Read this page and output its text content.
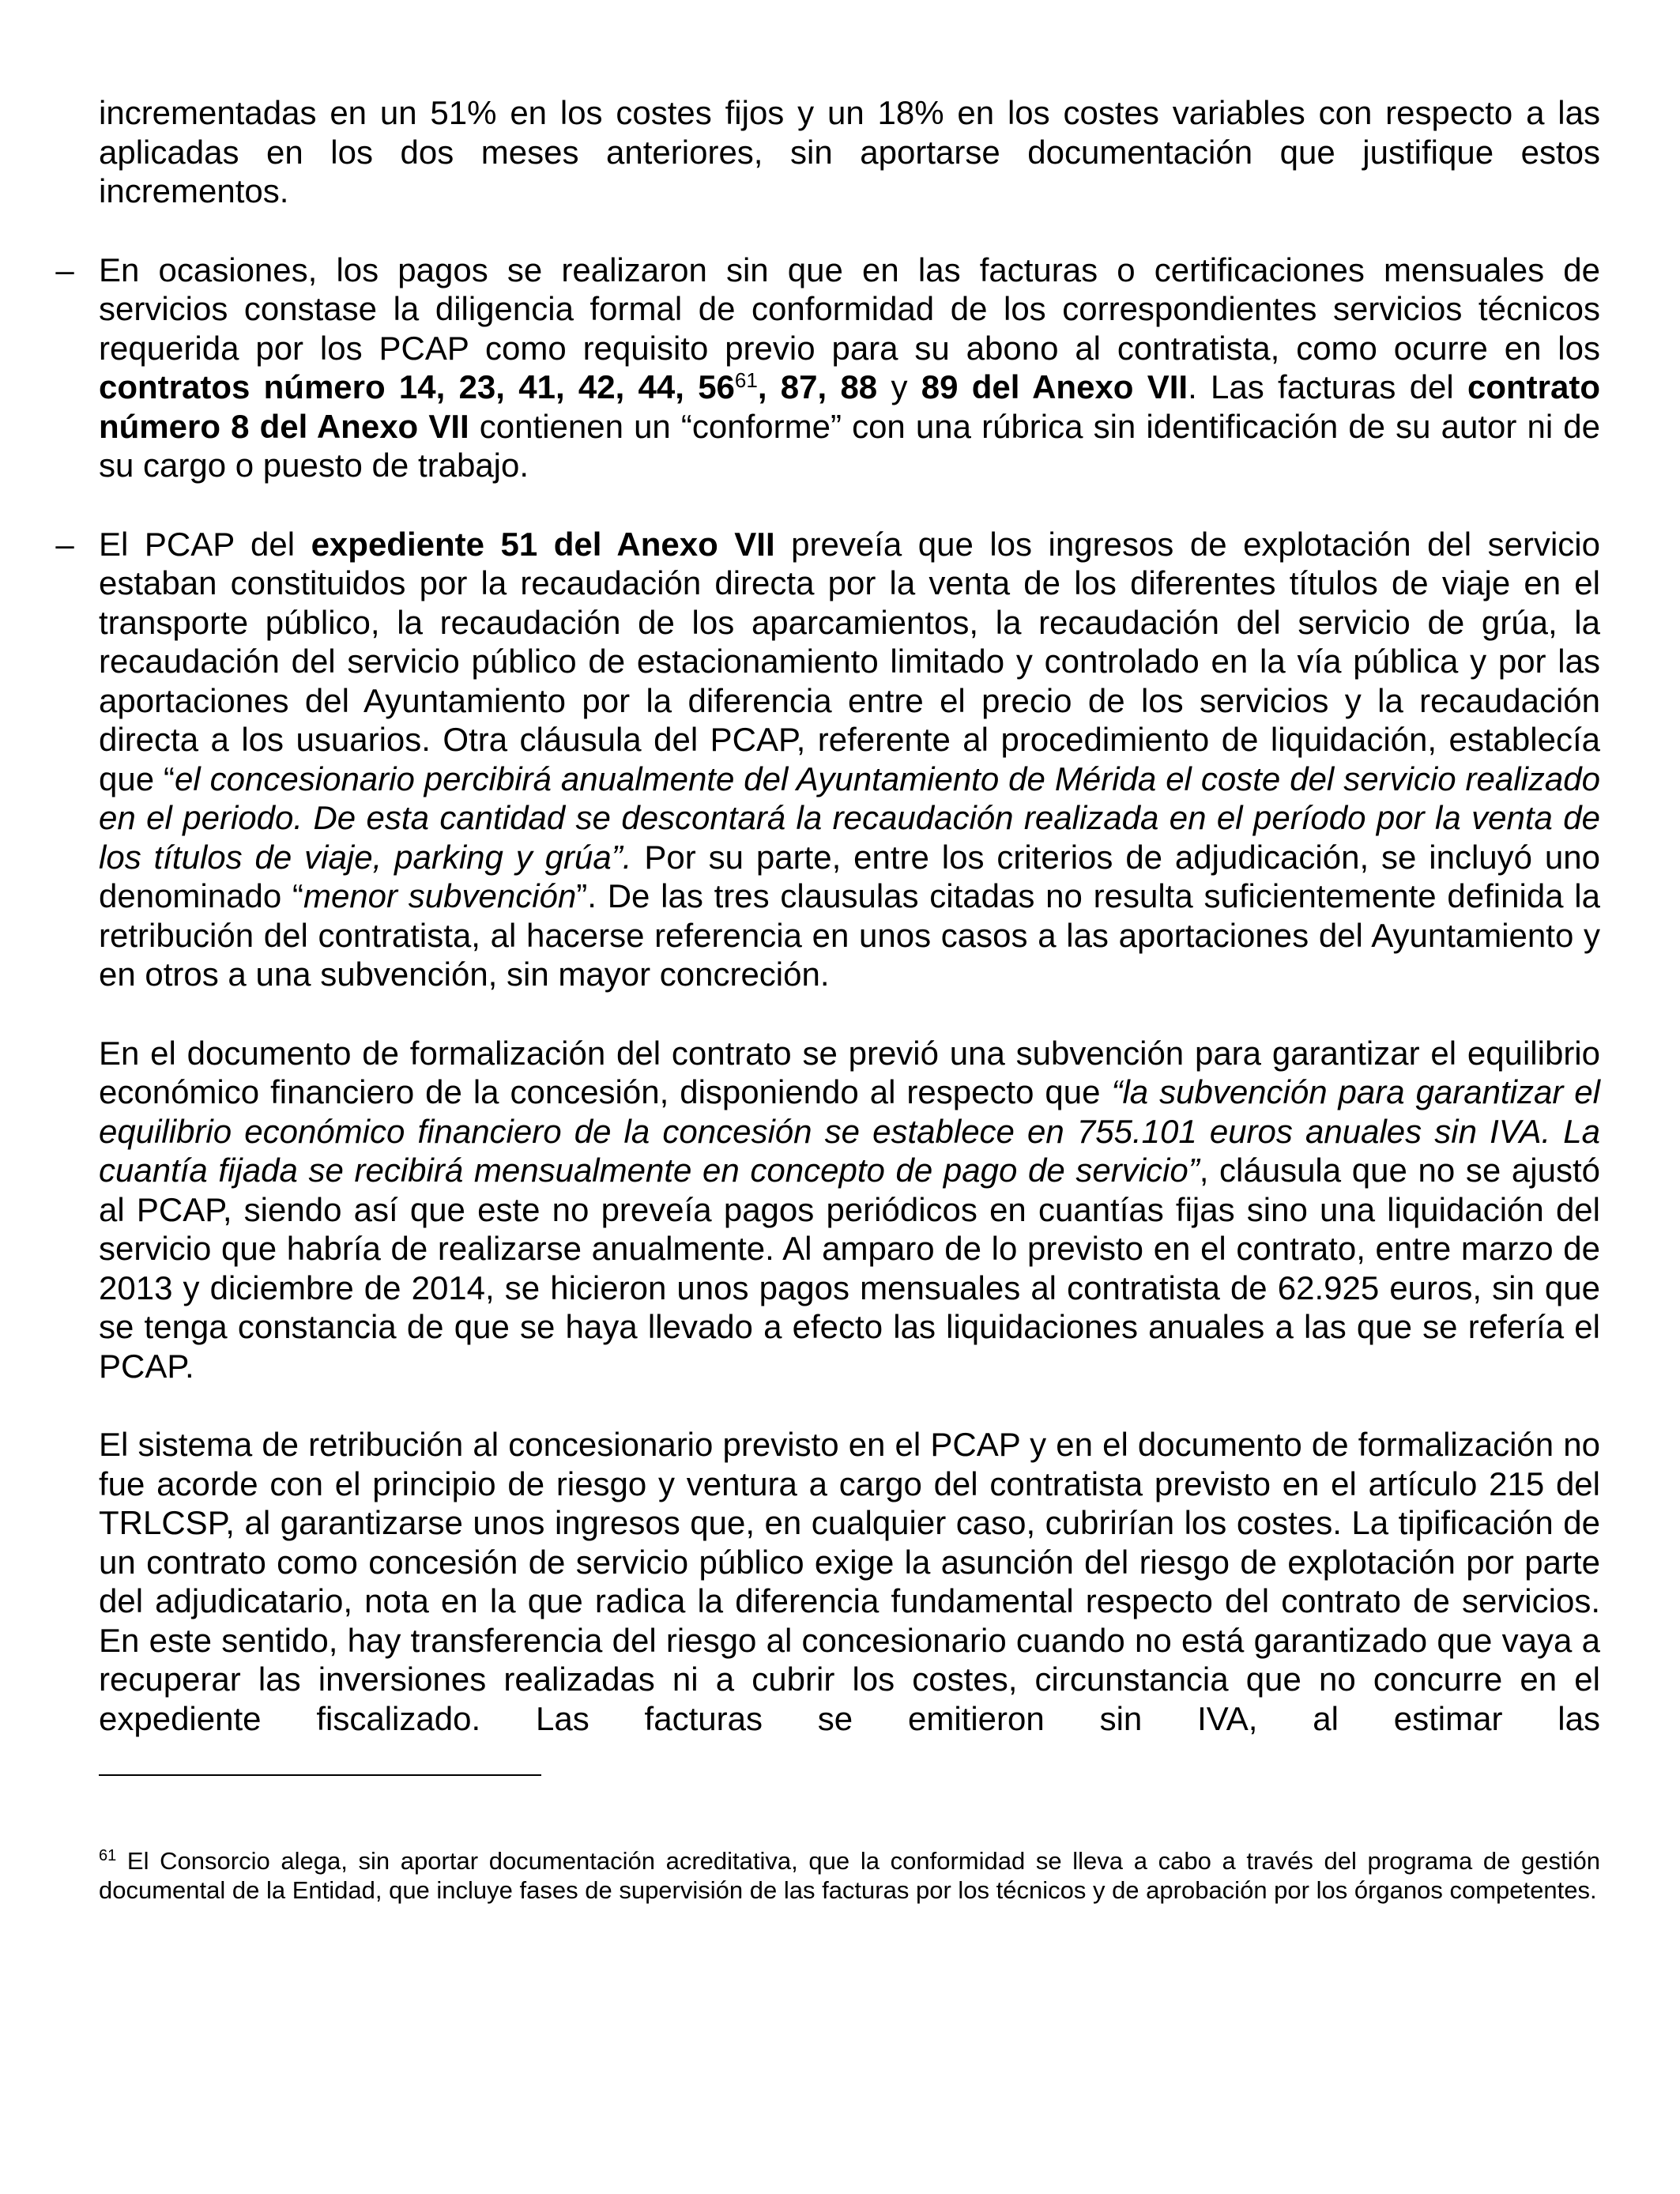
incrementadas en un 51% en los costes fijos y un 18% en los costes variables con respecto a las aplicadas en los dos meses anteriores, sin aportarse documentación que justifique estos incrementos.

– En ocasiones, los pagos se realizaron sin que en las facturas o certificaciones mensuales de servicios constase la diligencia formal de conformidad de los correspondientes servicios técnicos requerida por los PCAP como requisito previo para su abono al contratista, como ocurre en los contratos número 14, 23, 41, 42, 44, $56^{61}$, 87, 88 y 89 del Anexo VII. Las facturas del contrato número 8 del Anexo VII contienen un “conforme” con una rúbrica sin identificación de su autor ni de su cargo o puesto de trabajo.
– El PCAP del expediente 51 del Anexo VII preveía que los ingresos de explotación del servicio estaban constituidos por la recaudación directa por la venta de los diferentes títulos de viaje en el transporte público, la recaudación de los aparcamientos, la recaudación del servicio de grúa, la recaudación del servicio público de estacionamiento limitado y controlado en la vía pública y por las aportaciones del Ayuntamiento por la diferencia entre el precio de los servicios y la recaudación directa a los usuarios. Otra cláusula del PCAP, referente al procedimiento de liquidación, establecía que “el concesionario percibirá anualmente del Ayuntamiento de Mérida el coste del servicio realizado en el periodo. De esta cantidad se descontará la recaudación realizada en el período por la venta de los títulos de viaje, parking y grúa”. Por su parte, entre los criterios de adjudicación, se incluyó uno denominado “menor subvención”. De las tres clausulas citadas no resulta suficientemente definida la retribución del contratista, al hacerse referencia en unos casos a las aportaciones del Ayuntamiento y en otros a una subvención, sin mayor concreción.

En el documento de formalización del contrato se previó una subvención para garantizar el equilibrio económico financiero de la concesión, disponiendo al respecto que “la subvención para garantizar el equilibrio económico financiero de la concesión se establece en 755.101 euros anuales sin IVA. La cuantía fijada se recibirá mensualmente en concepto de pago de servicio”, cláusula que no se ajustó al PCAP, siendo así que este no preveía pagos periódicos en cuantías fijas sino una liquidación del servicio que habría de realizarse anualmente. Al amparo de lo previsto en el contrato, entre marzo de 2013 y diciembre de 2014, se hicieron unos pagos mensuales al contratista de 62.925 euros, sin que se tenga constancia de que se haya llevado a efecto las liquidaciones anuales a las que se refería el PCAP.

El sistema de retribución al concesionario previsto en el PCAP y en el documento de formalización no fue acorde con el principio de riesgo y ventura a cargo del contratista previsto en el artículo 215 del TRLCSP, al garantizarse unos ingresos que, en cualquier caso, cubrirían los costes. La tipificación de un contrato como concesión de servicio público exige la asunción del riesgo de explotación por parte del adjudicatario, nota en la que radica la diferencia fundamental respecto del contrato de servicios. En este sentido, hay transferencia del riesgo al concesionario cuando no está garantizado que vaya a recuperar las inversiones realizadas ni a cubrir los costes, circunstancia que no concurre en el expediente fiscalizado. Las facturas se emitieron sin IVA, al estimar las

$^{61}$ El Consorcio alega, sin aportar documentación acreditativa, que la conformidad se lleva a cabo a través del programa de gestión documental de la Entidad, que incluye fases de supervisión de las facturas por los técnicos y de aprobación por los órganos competentes.
